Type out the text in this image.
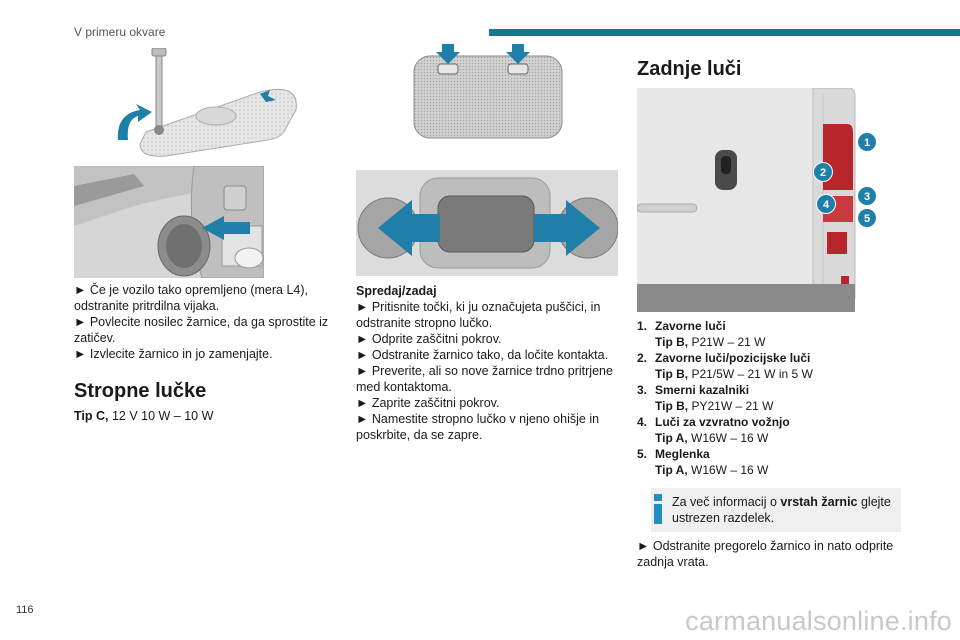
V primeru okvare
116	carmanualsonline.info

► Če je vozilo tako opremljeno (mera L4), odstranite pritrdilna vijaka.

► Povlecite nosilec žarnice, da ga sprostite iz zatičev.

► Izvlecite žarnico in jo zamenjajte.

Stropne lučke

Tip C, 12 V 10 W – 10 W

Spredaj/zadaj

► Pritisnite točki, ki ju označujeta puščici, in odstranite stropno lučko.

► Odprite zaščitni pokrov.

► Odstranite žarnico tako, da ločite kontakta.

► Preverite, ali so nove žarnice trdno pritrjene med kontaktoma.

► Zaprite zaščitni pokrov.

► Namestite stropno lučko v njeno ohišje in poskrbite, da se zapre.

Zadnje luči
1
2
3
4
5
1. Zavorne luči
Tip B, P21W – 21 W
2. Zavorne luči/pozicijske luči
Tip B, P21/5W – 21 W in 5 W
3. Smerni kazalniki
Tip B, PY21W – 21 W
4. Luči za vzvratno vožnjo
Tip A, W16W – 16 W
5. Meglenka
Tip A, W16W – 16 W

Za več informacij o vrstah žarnic glejte ustrezen razdelek.

► Odstranite pregorelo žarnico in nato odprite zadnja vrata.
